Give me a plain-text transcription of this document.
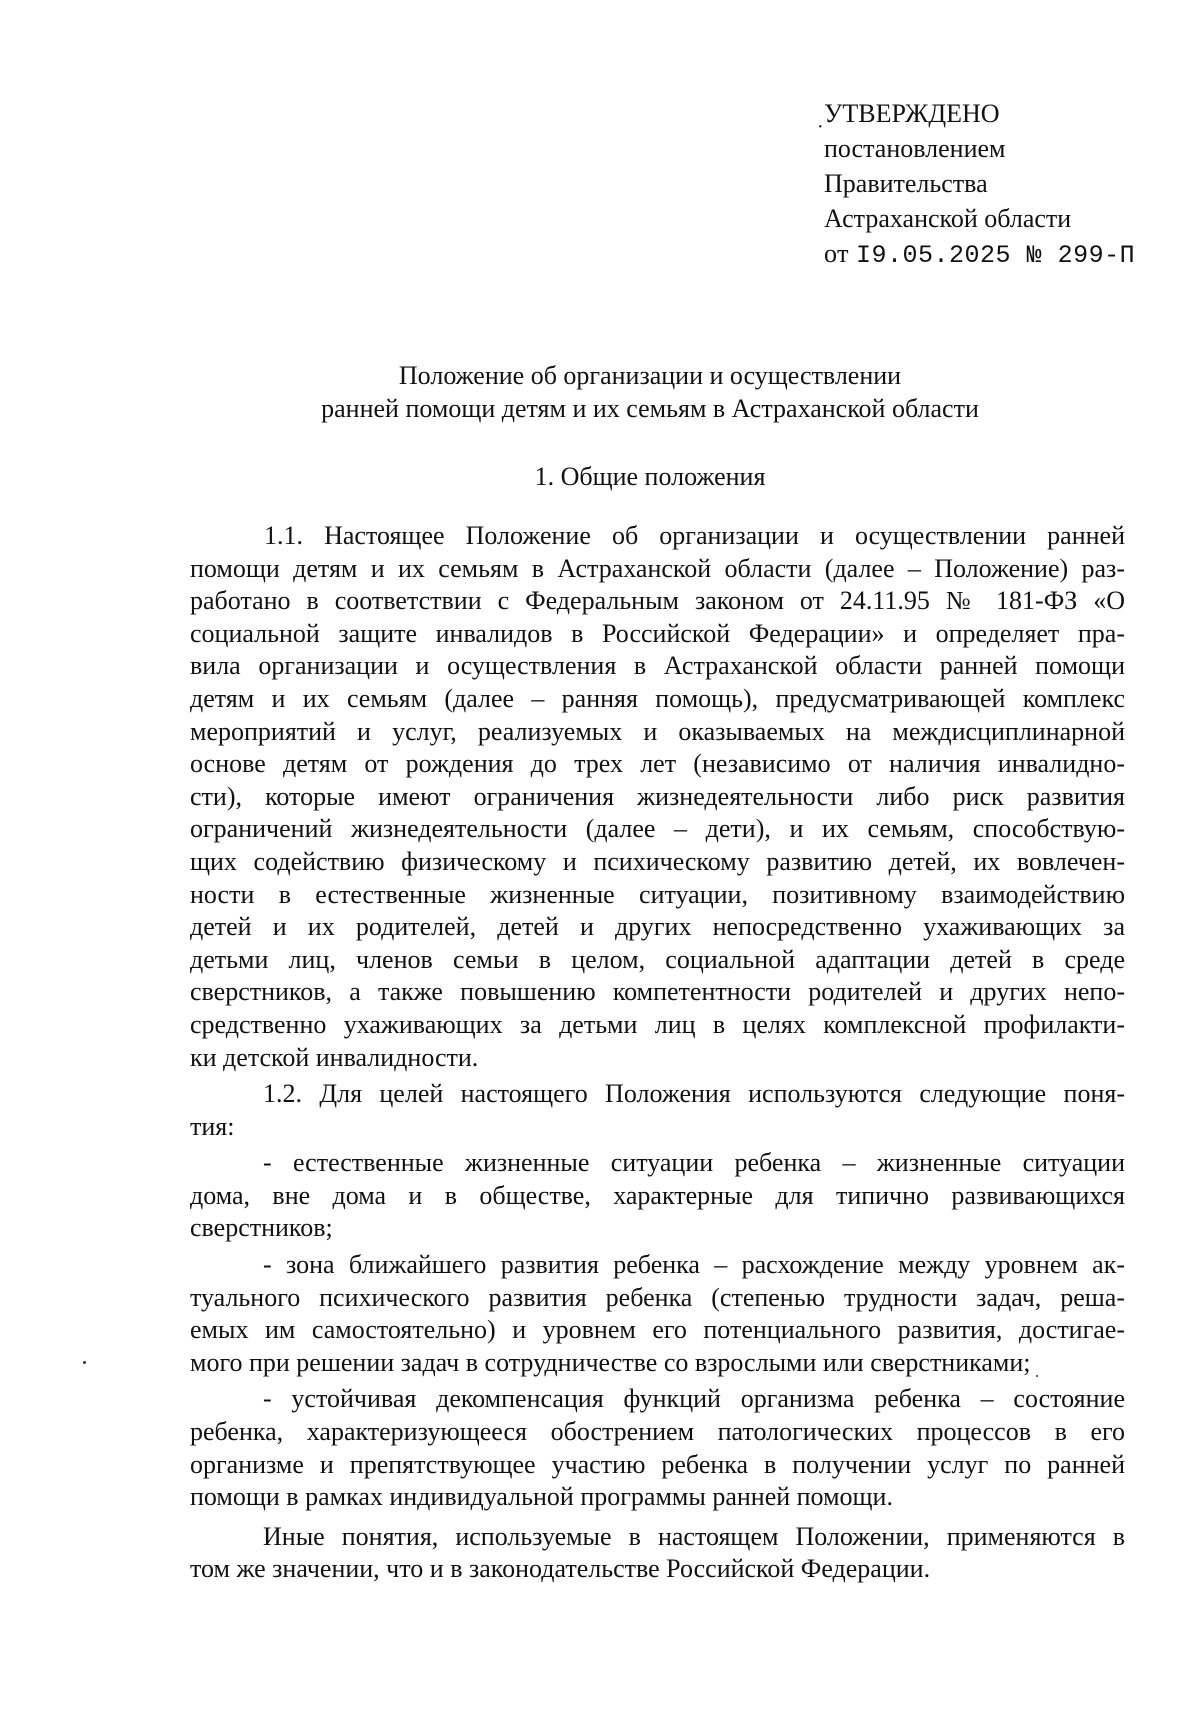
· УТВЕРЖДЕНО
постановлением
Правительства
Астраханской области
от I9.05.2025 № 299-П
Положение об организации и осуществлении
ранней помощи детям и их семьям в Астраханской области
1. Общие положения
1.1. Настоящее Положение об организации и осуществлении ранней
помощи детям и их семьям в Астраханской области (далее – Положение) раз-
работано в соответствии с Федеральным законом от 24.11.95 № 181-ФЗ «О
социальной защите инвалидов в Российской Федерации» и определяет пра-
вила организации и осуществления в Астраханской области ранней помощи
детям и их семьям (далее – ранняя помощь), предусматривающей комплекс
мероприятий и услуг, реализуемых и оказываемых на междисциплинарной
основе детям от рождения до трех лет (независимо от наличия инвалидно-
сти), которые имеют ограничения жизнедеятельности либо риск развития
ограничений жизнедеятельности (далее – дети), и их семьям, способствую-
щих содействию физическому и психическому развитию детей, их вовлечен-
ности в естественные жизненные ситуации, позитивному взаимодействию
детей и их родителей, детей и других непосредственно ухаживающих за
детьми лиц, членов семьи в целом, социальной адаптации детей в среде
сверстников, а также повышению компетентности родителей и других непо-
средственно ухаживающих за детьми лиц в целях комплексной профилакти-
ки детской инвалидности.
1.2. Для целей настоящего Положения используются следующие поня-
тия:
- естественные жизненные ситуации ребенка – жизненные ситуации
дома, вне дома и в обществе, характерные для типично развивающихся
сверстников;
- зона ближайшего развития ребенка – расхождение между уровнем ак-
туального психического развития ребенка (степенью трудности задач, реша-
емых им самостоятельно) и уровнем его потенциального развития, достигае-
мого при решении задач в сотрудничестве со взрослыми или сверстниками;
- устойчивая декомпенсация функций организма ребенка – состояние
ребенка, характеризующееся обострением патологических процессов в его
организме и препятствующее участию ребенка в получении услуг по ранней
помощи в рамках индивидуальной программы ранней помощи.
Иные понятия, используемые в настоящем Положении, применяются в
том же значении, что и в законодательстве Российской Федерации.
